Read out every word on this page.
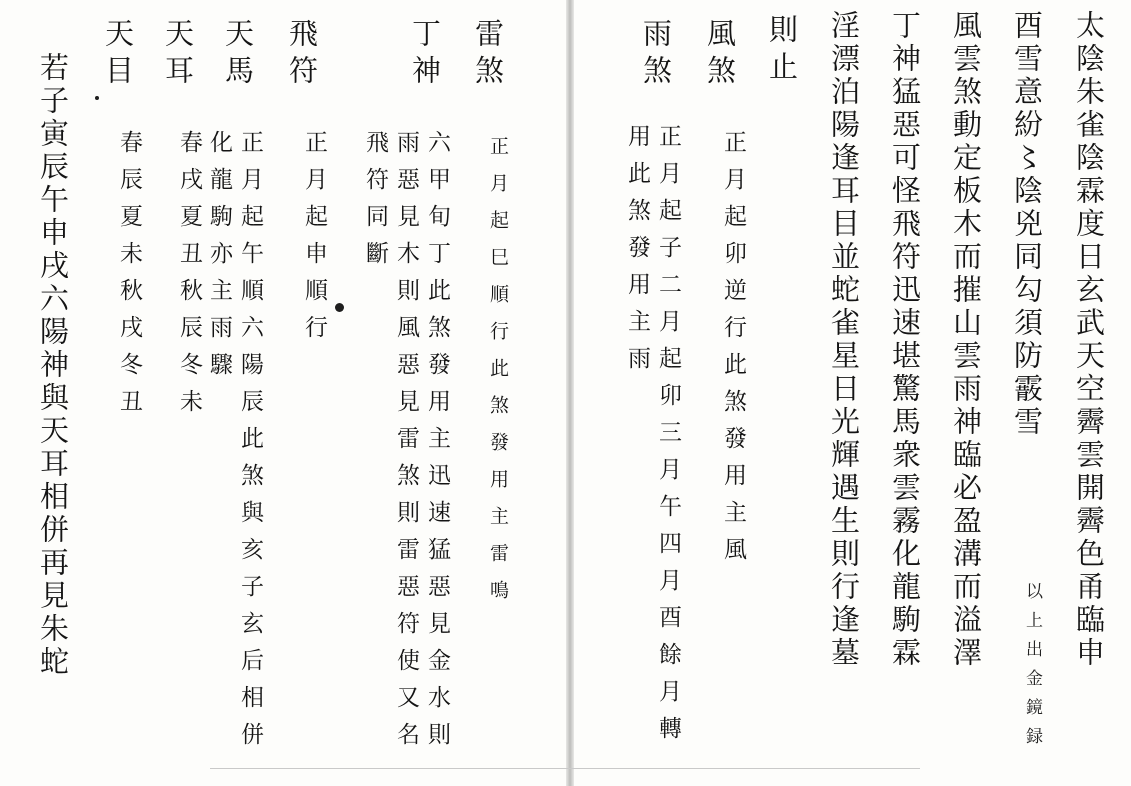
雷煞
正月起巳順行此煞發用主雷鳴
丁神
六甲旬丁此煞發用主迅速猛惡見金水則
雨惡見木則風惡見雷煞則雷惡符使又名
飛符同斷
飛符
正月起申順行
天馬
正月起午順六陽辰此煞與亥子玄后相併
化龍駒亦主雨驟
天耳
春戌夏丑秋辰冬未
天目
春辰夏未秋戌冬丑
若子寅辰午申戌六陽神與天耳相併再見朱蛇	太陰朱雀陰霖度日玄武天空霽雲開霽色甬臨申
酉雪意紛〻陰兇同勾須防霰雪
以上出金鏡録
風雲煞動定板木而摧山雲雨神臨必盈溝而溢澤
丁神猛惡可怪飛符迅速堪驚馬衆雲霧化龍駒霖
淫漂泊陽逢耳目並蛇雀星日光輝遇生則行逢墓
則止
風煞
正月起卯逆行此煞發用主風
雨煞
正月起子二月起卯三月午四月酉餘月轉
用此煞發用主雨
